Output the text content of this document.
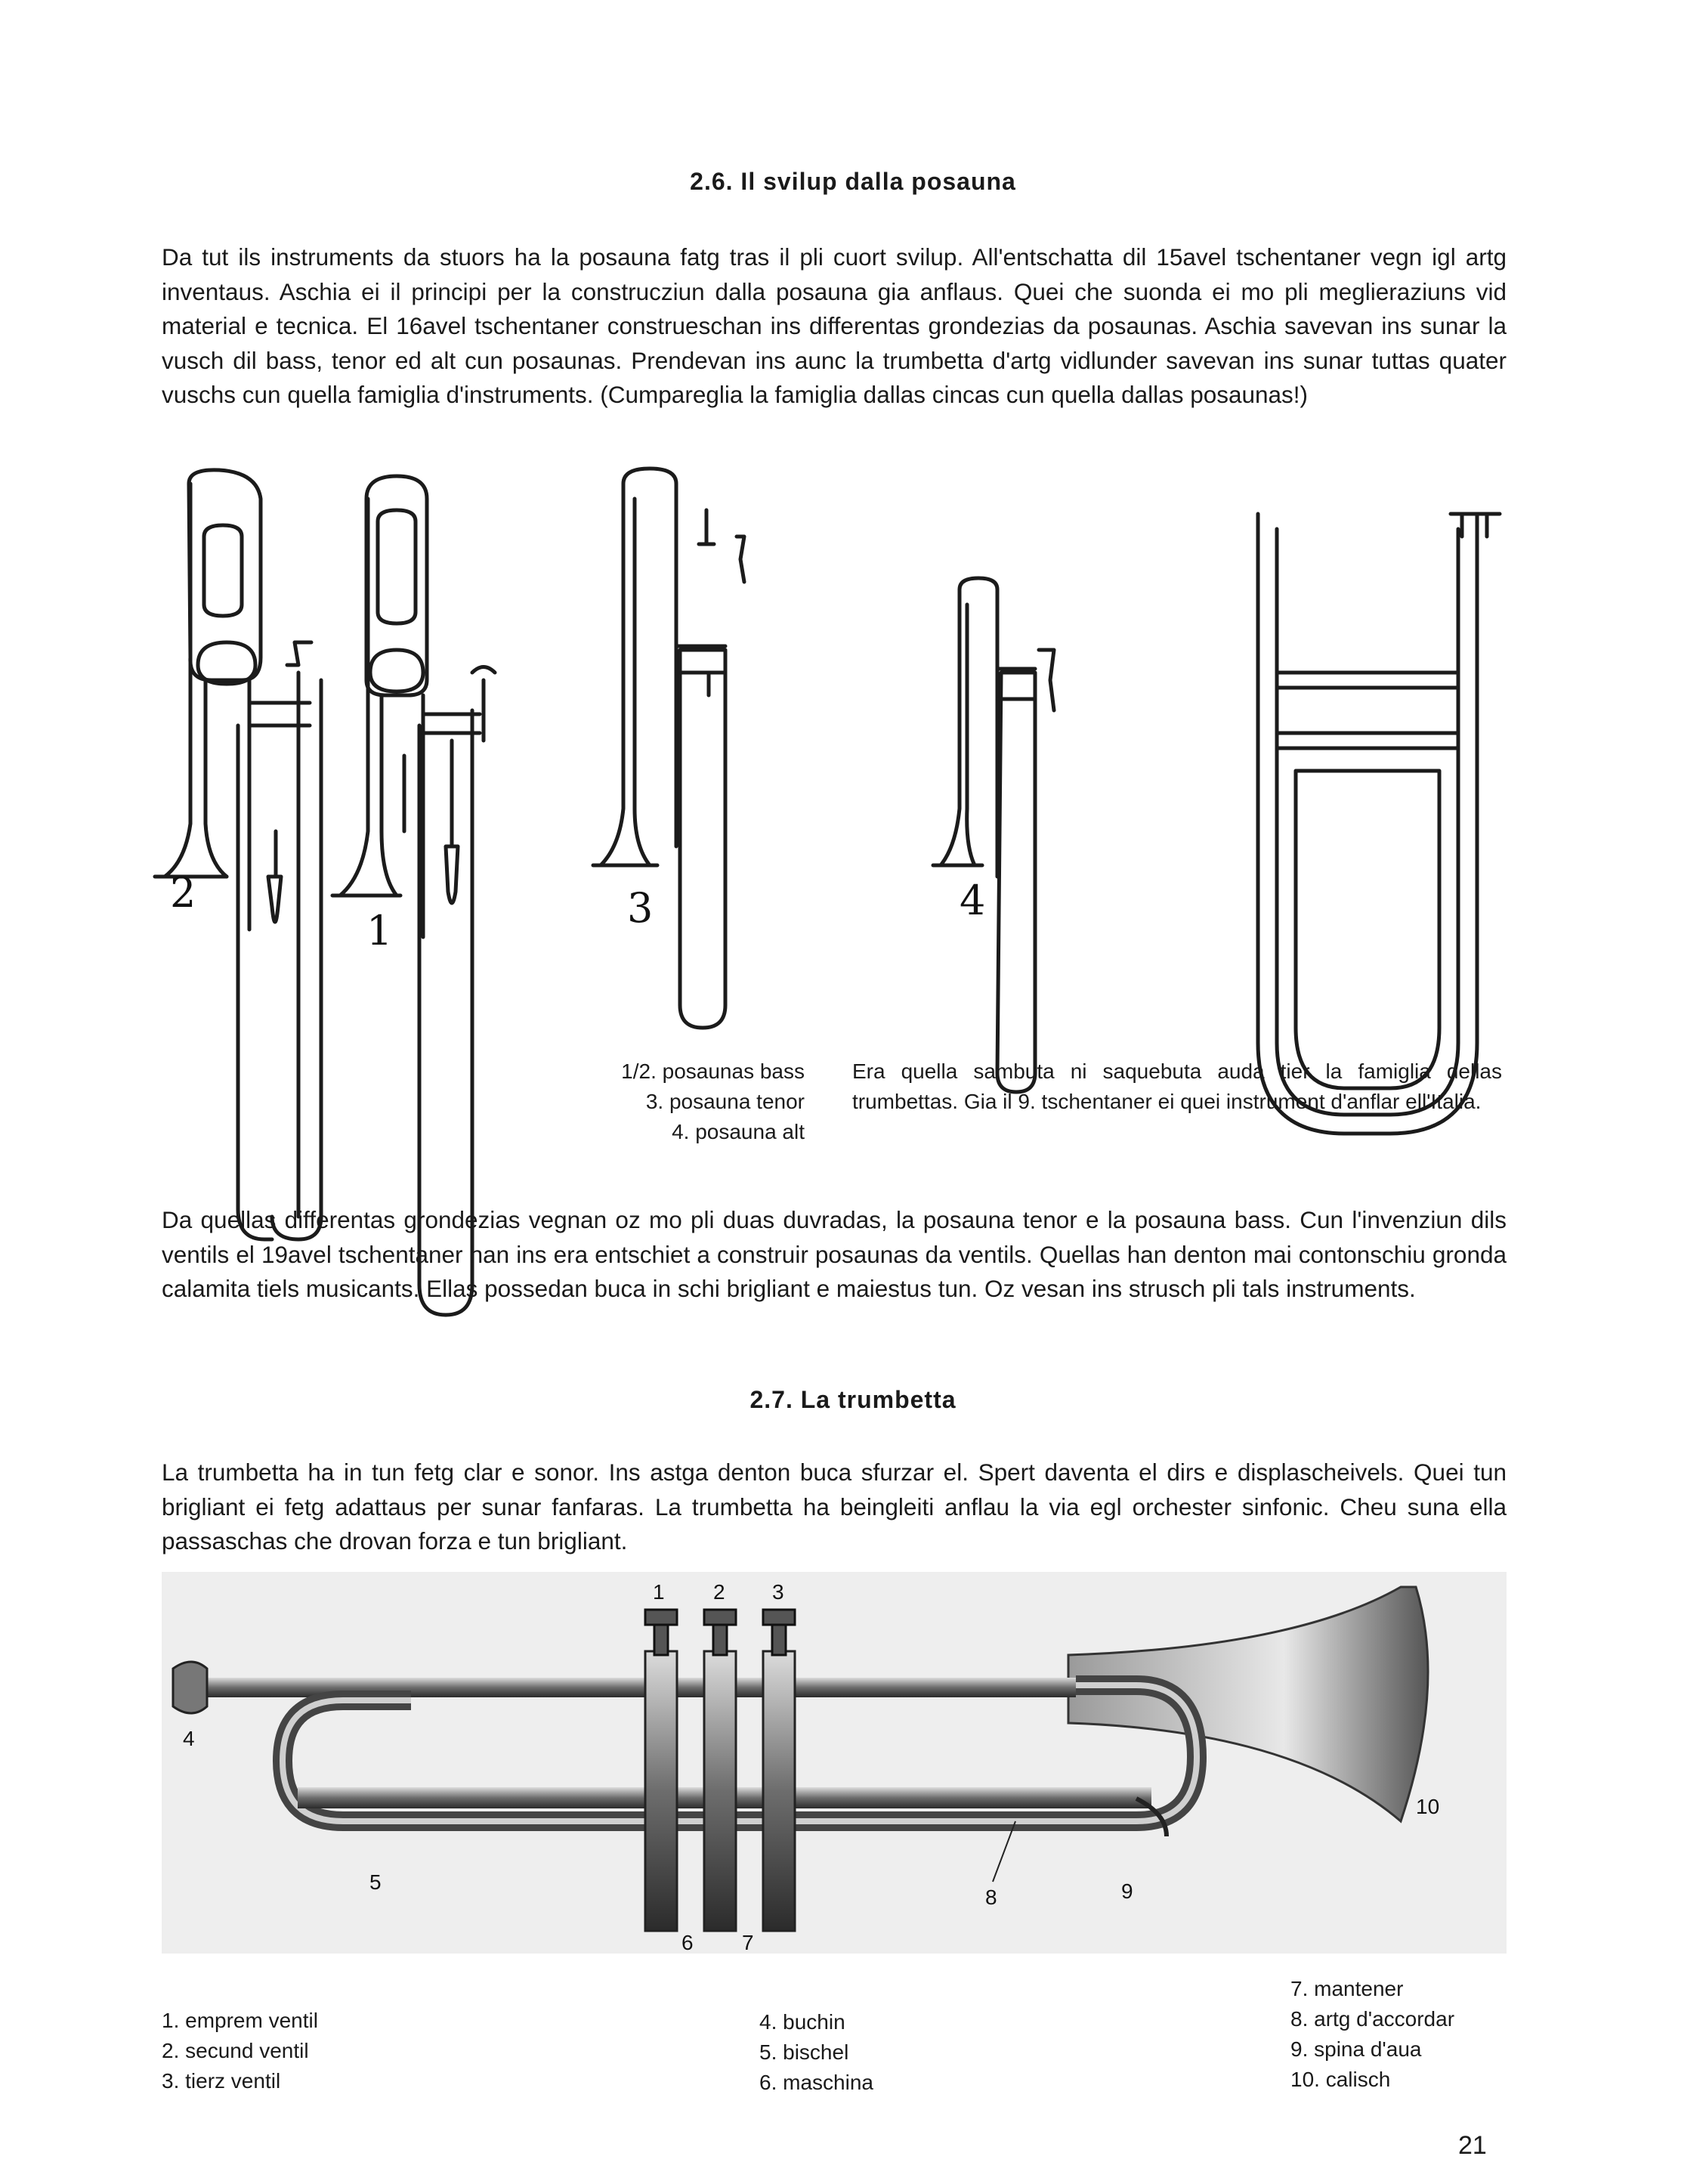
2.6. Il svilup dalla posauna

Da tut ils instruments da stuors ha la posauna fatg tras il pli cuort svilup. All'entschatta dil 15avel tschentaner vegn igl artg inventaus. Aschia ei il principi per la construcziun dalla posauna gia anflaus. Quei che suonda ei mo pli meglieraziuns vid material e tecnica. El 16avel tschentaner construeschan ins differentas grondezias da posaunas. Aschia savevan ins sunar la vusch dil bass, tenor ed alt cun posaunas. Prendevan ins aunc la trumbetta d'artg vidlunder savevan ins sunar tuttas quater vuschs cun quella famiglia d'instruments. (Cumpareglia la famiglia dallas cincas cun quella dallas posaunas!)

2
1	3	4
1/2. posaunas bass
3. posauna tenor
4. posauna alt
Era quella sambuta ni saquebuta auda tier la famiglia dellas trumbettas. Gia il 9. tschentaner ei quei instrument d'anflar ell'Italia.

Da quellas differentas grondezias vegnan oz mo pli duas duvradas, la posauna tenor e la posauna bass. Cun l'invenziun dils ventils el 19avel tschentaner han ins era entschiet a construir posaunas da ventils. Quellas han denton mai contonschiu gronda calamita tiels musicants. Ellas possedan buca in schi brigliant e maiestus tun. Oz vesan ins strusch pli tals instruments.

2.7. La trumbetta

La trumbetta ha in tun fetg clar e sonor. Ins astga denton buca sfurzar el. Spert daventa el dirs e displascheivels. Quei tun brigliant ei fetg adattaus per sunar fanfaras. La trumbetta ha beingleiti anflau la via egl orchester sinfonic. Cheu suna ella passaschas che drovan forza e tun brigliant.

1 2 3
4
5
6 7
8	9
10
1. emprem ventil
2. secund ventil
3. tierz ventil
4. buchin
5. bischel
6. maschina
7. mantener
8. artg d'accordar
9. spina d'aua
10. calisch
21
